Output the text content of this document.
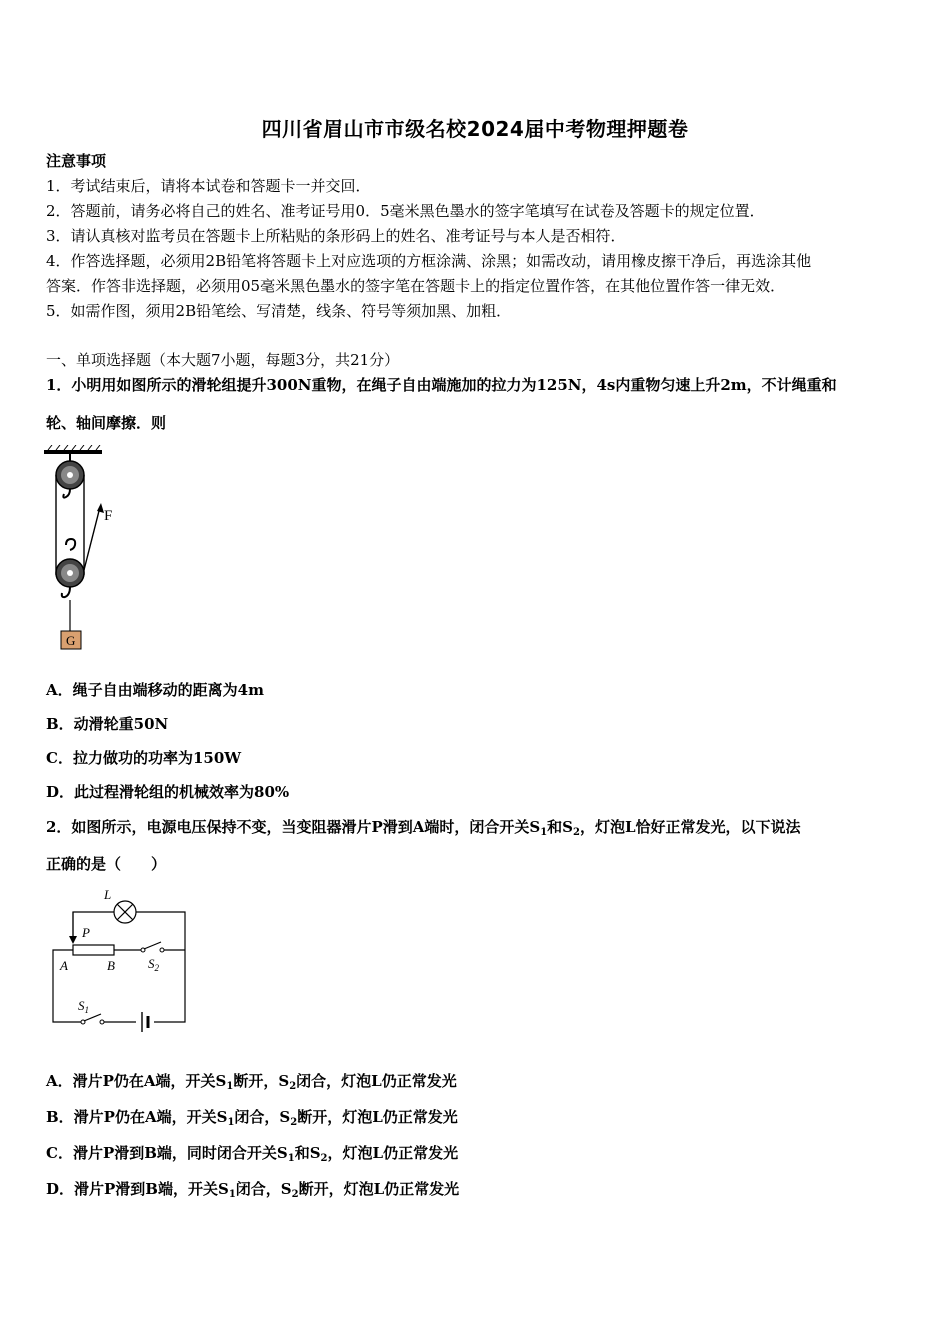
四川省眉山市市级名校2024届中考物理押题卷
注意事项
1．考试结束后，请将本试卷和答题卡一并交回．
2．答题前，请务必将自己的姓名、准考证号用0．5毫米黑色墨水的签字笔填写在试卷及答题卡的规定位置．
3．请认真核对监考员在答题卡上所粘贴的条形码上的姓名、准考证号与本人是否相符．
4．作答选择题，必须用2B铅笔将答题卡上对应选项的方框涂满、涂黑；如需改动，请用橡皮擦干净后，再选涂其他
答案．作答非选择题，必须用05毫米黑色墨水的签字笔在答题卡上的指定位置作答，在其他位置作答一律无效．
5．如需作图，须用2B铅笔绘、写清楚，线条、符号等须加黑、加粗．
一、单项选择题（本大题7小题，每题3分，共21分）
1．小明用如图所示的滑轮组提升300N重物，在绳子自由端施加的拉力为125N，4s内重物匀速上升2m，不计绳重和
轮、轴间摩擦．则
F
G
A．绳子自由端移动的距离为4m
B．动滑轮重50N
C．拉力做功的功率为150W
D．此过程滑轮组的机械效率为80%
2．如图所示，电源电压保持不变，当变阻器滑片P滑到A端时，闭合开关$S_1$和$S_2$，灯泡L恰好正常发光，以下说法
正确的是（　　）
L
P
A	B	$S_2$
$S_1$
A．滑片P仍在A端，开关$S_1$断开，$S_2$闭合，灯泡L仍正常发光
B．滑片P仍在A端，开关$S_1$闭合，$S_2$断开，灯泡L仍正常发光
C．滑片P滑到B端，同时闭合开关$S_1$和$S_2$，灯泡L仍正常发光
D．滑片P滑到B端，开关$S_1$闭合，$S_2$断开，灯泡L仍正常发光
